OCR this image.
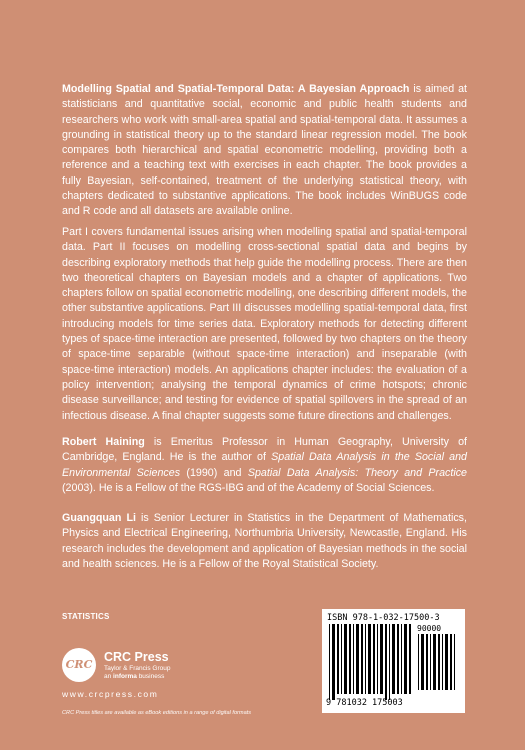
Modelling Spatial and Spatial-Temporal Data: A Bayesian Approach is aimed at statisticians and quantitative social, economic and public health students and researchers who work with small-area spatial and spatial-temporal data. It assumes a grounding in statistical theory up to the standard linear regression model. The book compares both hierarchical and spatial econometric modelling, providing both a reference and a teaching text with exercises in each chapter. The book provides a fully Bayesian, self-contained, treatment of the underlying statistical theory, with chapters dedicated to substantive applications. The book includes WinBUGS code and R code and all datasets are available online.

Part I covers fundamental issues arising when modelling spatial and spatial-temporal data. Part II focuses on modelling cross-sectional spatial data and begins by describing exploratory methods that help guide the modelling process. There are then two theoretical chapters on Bayesian models and a chapter of applications. Two chapters follow on spatial econometric modelling, one describing different models, the other substantive applications. Part III discusses modelling spatial-temporal data, first introducing models for time series data. Exploratory methods for detecting different types of space-time interaction are presented, followed by two chapters on the theory of space-time separable (without space-time interaction) and inseparable (with space-time interaction) models. An applications chapter includes: the evaluation of a policy intervention; analysing the temporal dynamics of crime hotspots; chronic disease surveillance; and testing for evidence of spatial spillovers in the spread of an infectious disease. A final chapter suggests some future directions and challenges.

Robert Haining is Emeritus Professor in Human Geography, University of Cambridge, England. He is the author of Spatial Data Analysis in the Social and Environmental Sciences (1990) and Spatial Data Analysis: Theory and Practice (2003). He is a Fellow of the RGS-IBG and of the Academy of Social Sciences.

Guangquan Li is Senior Lecturer in Statistics in the Department of Mathematics, Physics and Electrical Engineering, Northumbria University, Newcastle, England. His research includes the development and application of Bayesian methods in the social and health sciences. He is a Fellow of the Royal Statistical Society.

STATISTICS
CRC
CRC Press
Taylor & Francis Group
an informa business
www.crcpress.com
CRC Press titles are available as eBook editions in a range of digital formats
ISBN 978-1-032-17500-3
90000
9 781032 175003
